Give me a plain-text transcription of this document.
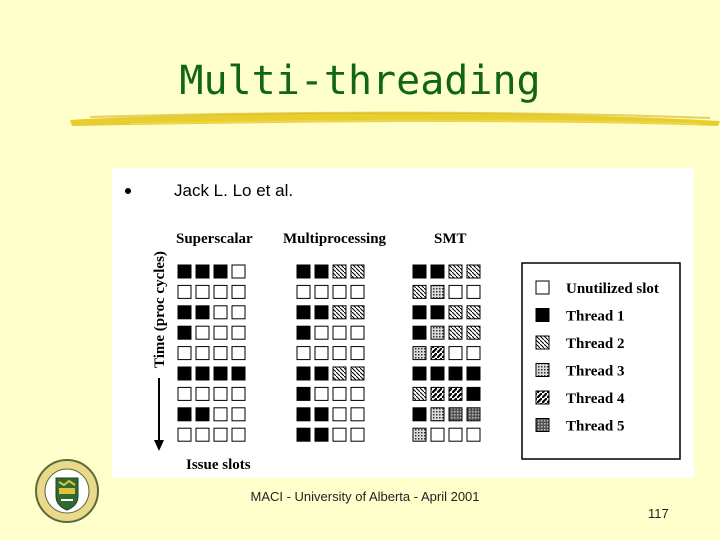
Multi-threading
Jack L. Lo et al.
Superscalar Multiprocessing	SMT
Time (proc cycles)
Issue slots
Unutilized slot
Thread 1
Thread 2
Thread 3
Thread 4
Thread 5
MACI - University of Alberta - April 2001
117
